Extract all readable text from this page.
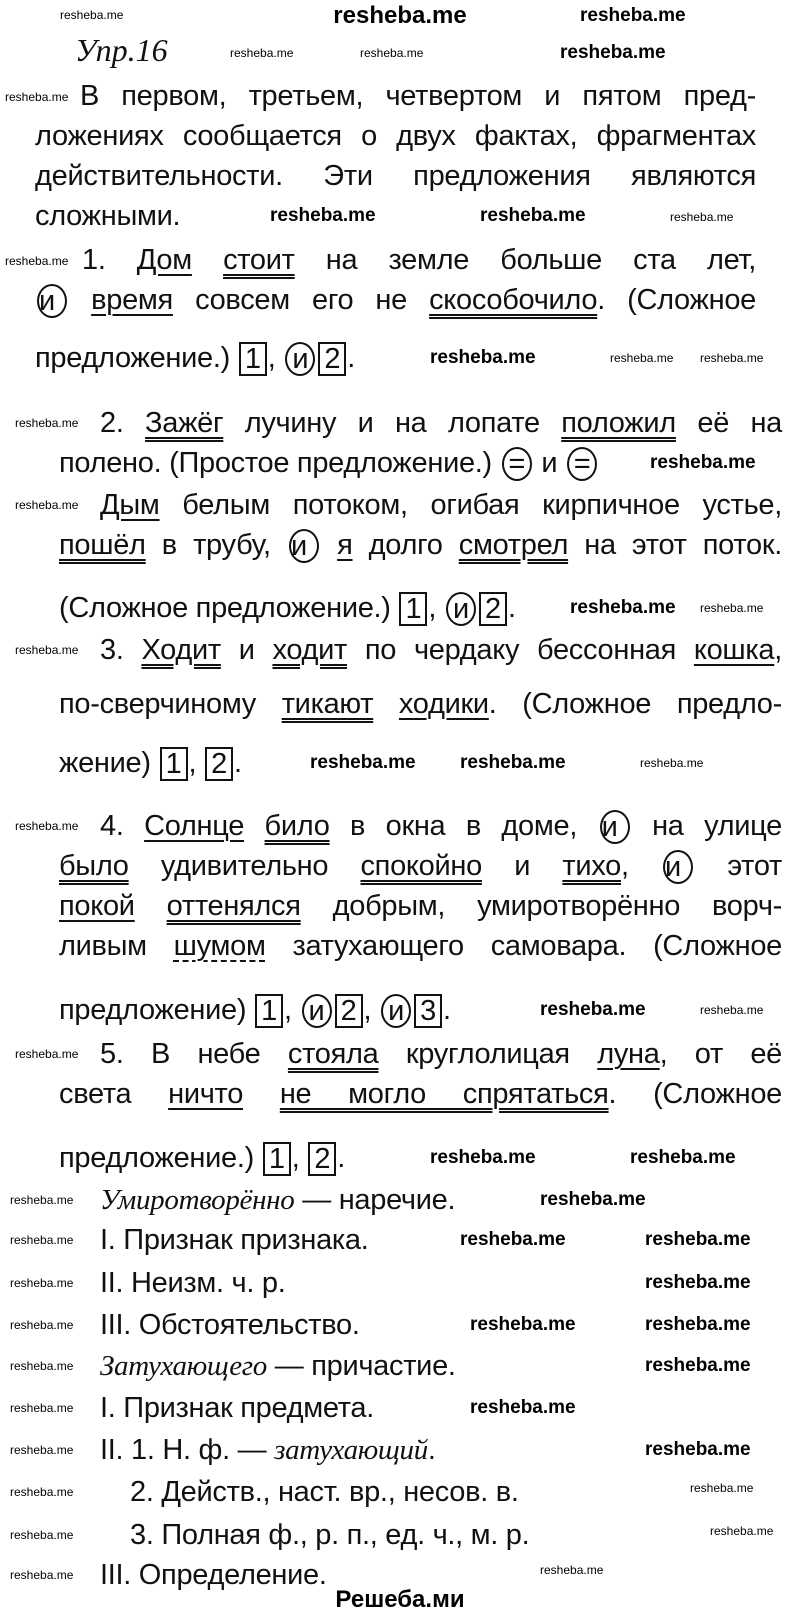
resheba.me
Упр.16
В первом, третьем, четвертом и пятом пред-
ложениях сообщается о двух фактах, фрагментах
действительности. Эти предложения являются
сложными.
1. Дом стоит на земле больше ста лет,
и время совсем его не скособочило. (Сложное
предложение.) 1 , и 2 .
2. Зажёг лучину и на лопате положил её на
полено. (Простое предложение.) = и =
Дым белым потоком, огибая кирпичное устье,
пошёл в трубу, и я долго смотрел на этот поток.
(Сложное предложение.) 1 , и 2 .
3. Ходит и ходит по чердаку бессонная кошка,
по-сверчиному тикают ходики. (Сложное предло-
жение) 1 , 2 .
4. Солнце било в окна в доме, и на улице
было удивительно спокойно и тихо, и этот
покой оттенялся добрым, умиротворённо ворч-
ливым шумом затухающего самовара. (Сложное
предложение) 1 , и 2 , и 3 .
5. В небе стояла круглолицая луна, от её
света ничто не могло спрятаться. (Сложное
предложение.) 1 , 2 .
Умиротворённо — наречие.
I. Признак признака.
II. Неизм. ч. р.
III. Обстоятельство.
Затухающего — причастие.
I. Признак предмета.
II. 1. Н. ф. — затухающий.
2. Действ., наст. вр., несов. в.
3. Полная ф., р. п., ед. ч., м. р.
III. Определение.
resheba.me	resheba.me
resheba.me	resheba.me	resheba.me
resheba.me
resheba.me
resheba.me	resheba.me	resheba.me
resheba.me	resheba.me resheba.me
resheba.me
resheba.me
resheba.me
resheba.me resheba.me
resheba.me
resheba.me resheba.me	resheba.me
resheba.me
resheba.me	resheba.me
resheba.me
resheba.me	resheba.me
resheba.me
resheba.me
resheba.me
resheba.me
resheba.me
resheba.me
resheba.me
resheba.me
resheba.me
resheba.me
resheba.me
resheba.me	resheba.me
resheba.me
resheba.me	resheba.me
resheba.me
resheba.me
resheba.me
resheba.me
resheba.me
resheba.me
Решеба.ми
